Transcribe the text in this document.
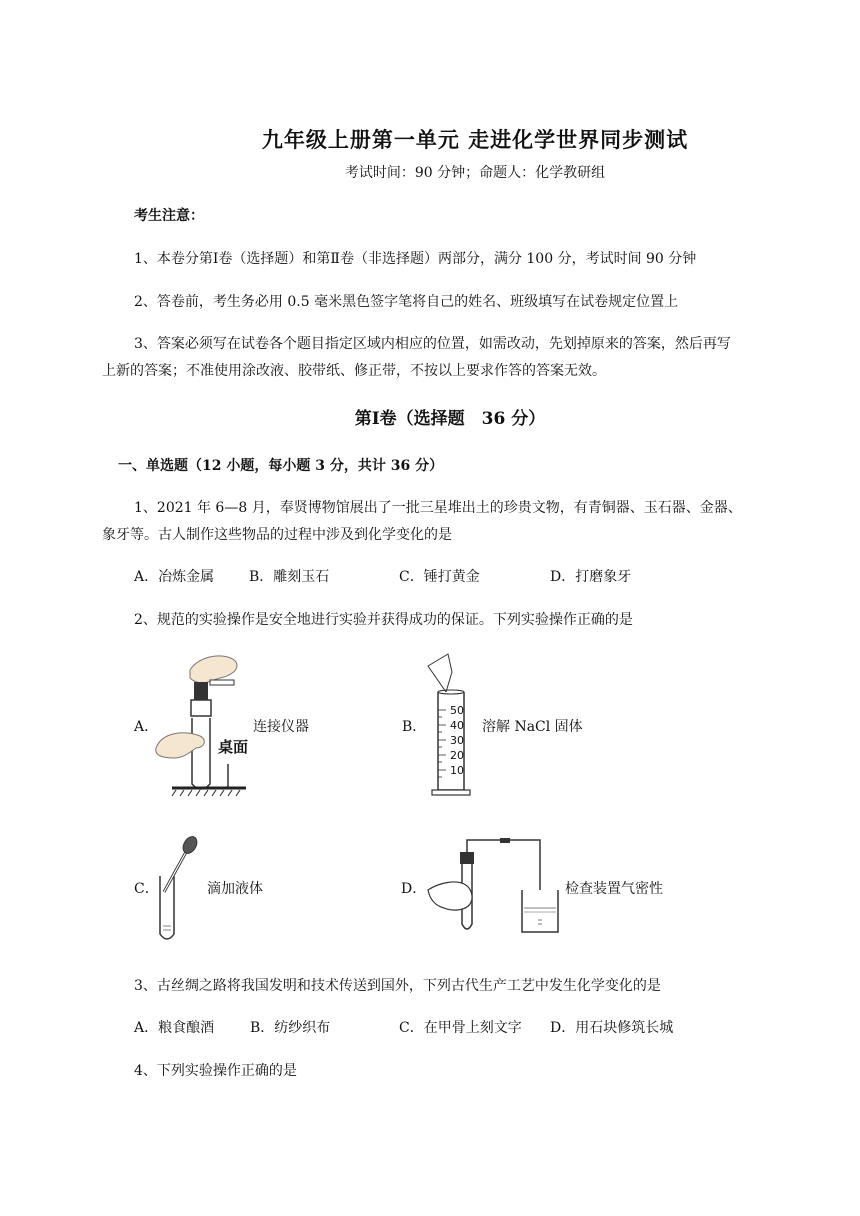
九年级上册第一单元 走进化学世界同步测试
考试时间：90 分钟；命题人：化学教研组
考生注意：
1、本卷分第Ⅰ卷（选择题）和第Ⅱ卷（非选择题）两部分，满分 100 分，考试时间 90 分钟
2、答卷前，考生务必用 0.5 毫米黑色签字笔将自己的姓名、班级填写在试卷规定位置上
3、答案必须写在试卷各个题目指定区域内相应的位置，如需改动，先划掉原来的答案，然后再写
上新的答案；不准使用涂改液、胶带纸、修正带，不按以上要求作答的答案无效。
第Ⅰ卷（选择题　36 分）
一、单选题（12 小题，每小题 3 分，共计 36 分）
1、2021 年 6—8 月，奉贤博物馆展出了一批三星堆出土的珍贵文物，有青铜器、玉石器、金器、
象牙等。古人制作这些物品的过程中涉及到化学变化的是
A．冶炼金属 B．雕刻玉石	C．锤打黄金	D．打磨象牙
2、规范的实验操作是安全地进行实验并获得成功的保证。下列实验操作正确的是
A．
桌面
连接仪器	B．
50
40
30
20
10
溶解 NaCl 固体
C．	滴加液体	D．	检查装置气密性
3、古丝绸之路将我国发明和技术传送到国外，下列古代生产工艺中发生化学变化的是
A．粮食酿酒	B．纺纱织布	C．在甲骨上刻文字 D．用石块修筑长城
4、下列实验操作正确的是
